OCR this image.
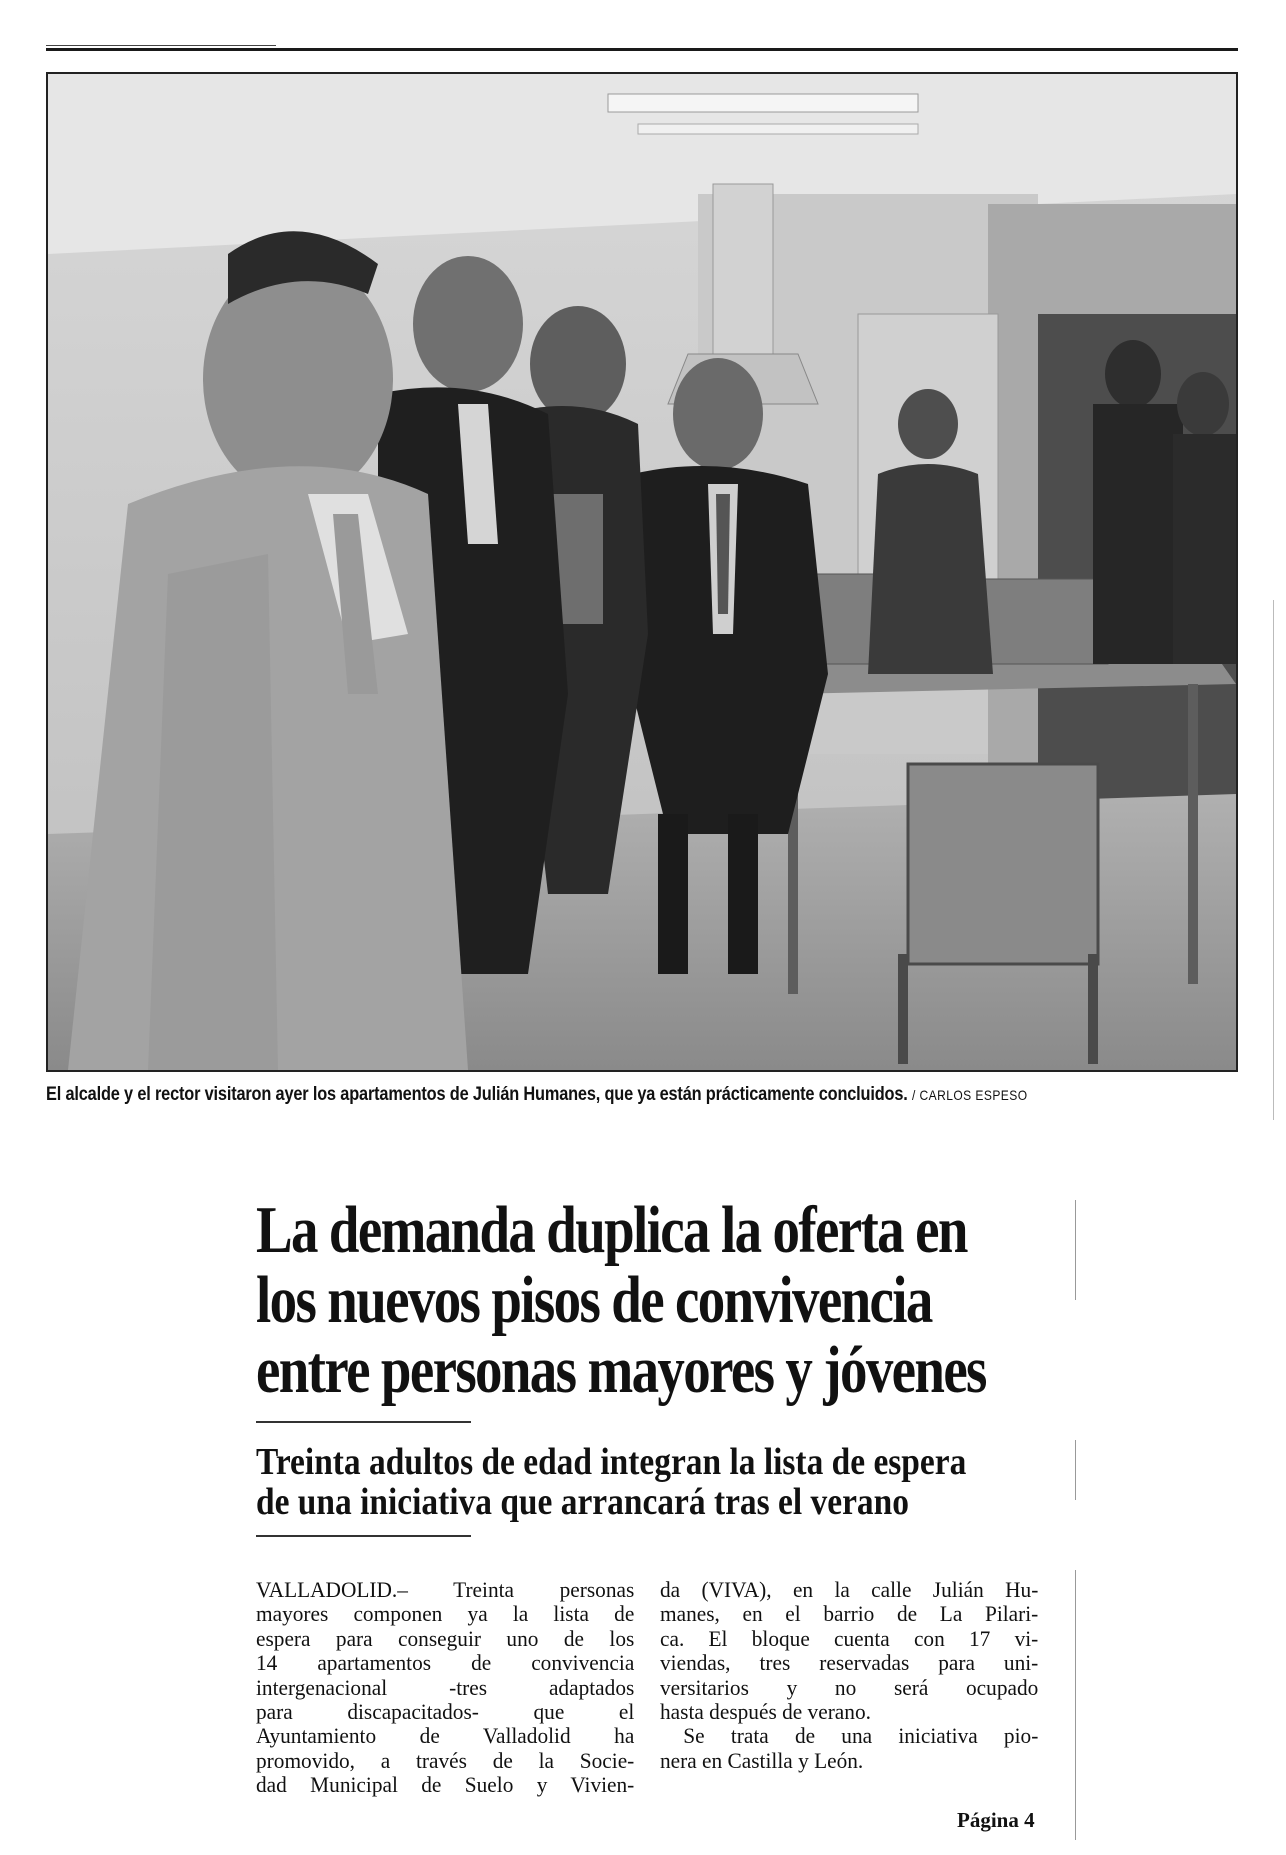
El alcalde y el rector visitaron ayer los apartamentos de Julián Humanes, que ya están prácticamente concluidos. / CARLOS ESPESO
La demanda duplica la oferta en
los nuevos pisos de convivencia
entre personas mayores y jóvenes
Treinta adultos de edad integran la lista de espera
de una iniciativa que arrancará tras el verano
VALLADOLID.– Treinta personas
mayores componen ya la lista de
espera para conseguir uno de los
14 apartamentos de convivencia
intergenacional -tres adaptados
para discapacitados- que el
Ayuntamiento de Valladolid ha
promovido, a través de la Socie-
dad Municipal de Suelo y Vivien-
da (VIVA), en la calle Julián Hu-
manes, en el barrio de La Pilari-
ca. El bloque cuenta con 17 vi-
viendas, tres reservadas para uni-
versitarios y no será ocupado
hasta después de verano.
Se trata de una iniciativa pio-
nera en Castilla y León.
Página 4
